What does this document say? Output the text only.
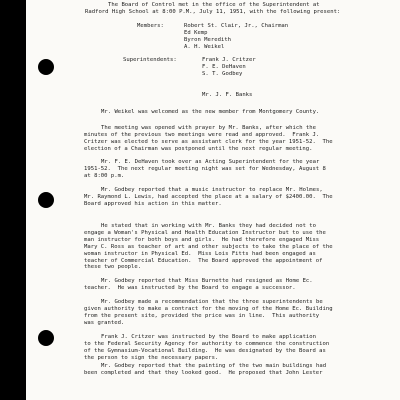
The Board of Control met in the office of the Superintendent at
Radford High School at 8:00 P.M., July 11, 1951, with the following present:
Members:	Robert St. Clair, Jr., Chairman
Ed Kemp
Byron Meredith
A. H. Weikel
Superintendents:	Frank J. Critzer
F. E. DeHaven
S. T. Godbey
Mr. J. F. Banks
Mr. Weikel was welcomed as the new member from Montgomery County.
The meeting was opened with prayer by Mr. Banks, after which the
minutes of the previous two meetings were read and approved.  Frank J.
Critzer was elected to serve as assistant clerk for the year 1951-52.  The
election of a Chairman was postponed until the next regular meeting.
Mr. F. E. DeHaven took over as Acting Superintendent for the year
1951-52.  The next regular meeting night was set for Wednesday, August 8
at 8:00 p.m.
Mr. Godbey reported that a music instructor to replace Mr. Holmes,
Mr. Raymond L. Lewis, had accepted the place at a salary of $2400.00.  The
Board approved his action in this matter.
He stated that in working with Mr. Banks they had decided not to
engage a Woman's Physical and Health Education Instructor but to use the
man instructor for both boys and girls.  He had therefore engaged Miss
Mary C. Ross as teacher of art and other subjects to take the place of the
woman instructor in Physical Ed.  Miss Lois Fitts had been engaged as
teacher of Commercial Education.  The Board approved the appointment of
these two people.
Mr. Godbey reported that Miss Burnette had resigned as Home Ec.
teacher.  He was instructed by the Board to engage a successor.
Mr. Godbey made a recommendation that the three superintendents be
given authority to make a contract for the moving of the Home Ec. Building
from the present site, provided the price was in line.  This authority
was granted.
Frank J. Critzer was instructed by the Board to make application
to the Federal Security Agency for authority to commence the construction
of the Gymnasium-Vocational Building.  He was designated by the Board as
the person to sign the necessary papers.
Mr. Godbey reported that the painting of the two main buildings had
been completed and that they looked good.  He proposed that John Lester
